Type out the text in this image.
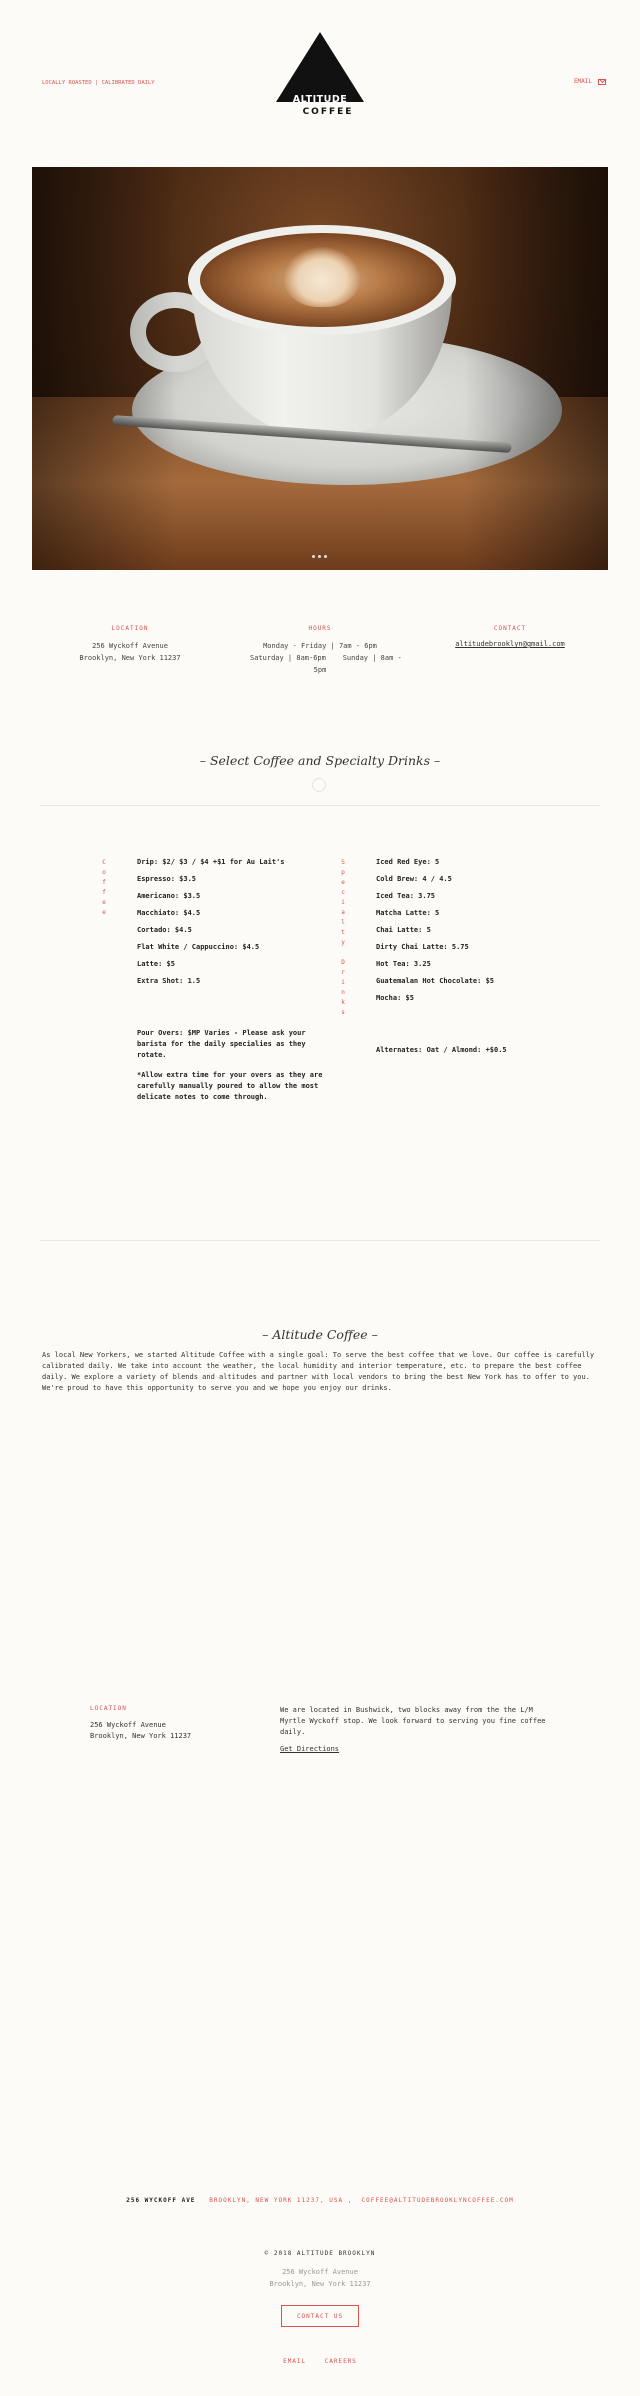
LOCALLY ROASTED | CALIBRATED DAILY
ALTITUDE
COFFEE
EMAIL
LOCATION
256 Wyckoff Avenue
Brooklyn, New York 11237
HOURS
Monday - Friday | 7am - 6pm
Saturday | 8am-6pm    Sunday | 8am -
5pm
CONTACT
altitudebrooklyn@gmail.com
– Select Coffee and Specialty Drinks –
C
o
f
f
e
e
S
p
e
c
i
a
l
t
y

D
r
i
n
k
s
Drip: $2/ $3 / $4 +$1 for Au Lait's
Espresso: $3.5
Americano: $3.5
Macchiato: $4.5
Cortado: $4.5
Flat White / Cappuccino: $4.5
Latte: $5
Extra Shot: 1.5
Iced Red Eye: 5
Cold Brew: 4 / 4.5
Iced Tea: 3.75
Matcha Latte: 5
Chai Latte: 5
Dirty Chai Latte: 5.75
Hot Tea: 3.25
Guatemalan Hot Chocolate: $5
Mocha: $5
Pour Overs: $MP Varies - Please ask your barista for the daily specialies as they rotate.
*Allow extra time for your overs as they are carefully manually poured to allow the most delicate notes to come through.
Alternates: Oat / Almond: +$0.5
– Altitude Coffee –
As local New Yorkers, we started Altitude Coffee with a single goal: To serve the best coffee that we love. Our coffee is carefully calibrated daily. We take into account the weather, the local humidity and interior temperature, etc. to prepare the best coffee daily. We explore a variety of blends and altitudes and partner with local vendors to bring the best New York has to offer to you. We're proud to have this opportunity to serve you and we hope you enjoy our drinks.
LOCATION
256 Wyckoff Avenue
Brooklyn, New York 11237
We are located in Bushwick, two blocks away from the the L/M Myrtle Wyckoff stop. We look forward to serving you fine coffee daily.
Get Directions
256 WYCKOFF AVE BROOKLYN, NEW YORK 11237, USA ,  COFFEE@ALTITUDEBROOKLYNCOFFEE.COM
© 2018 ALTITUDE BROOKLYN
256 Wyckoff Avenue
Brooklyn, New York 11237
CONTACT US
EMAIL	CAREERS
